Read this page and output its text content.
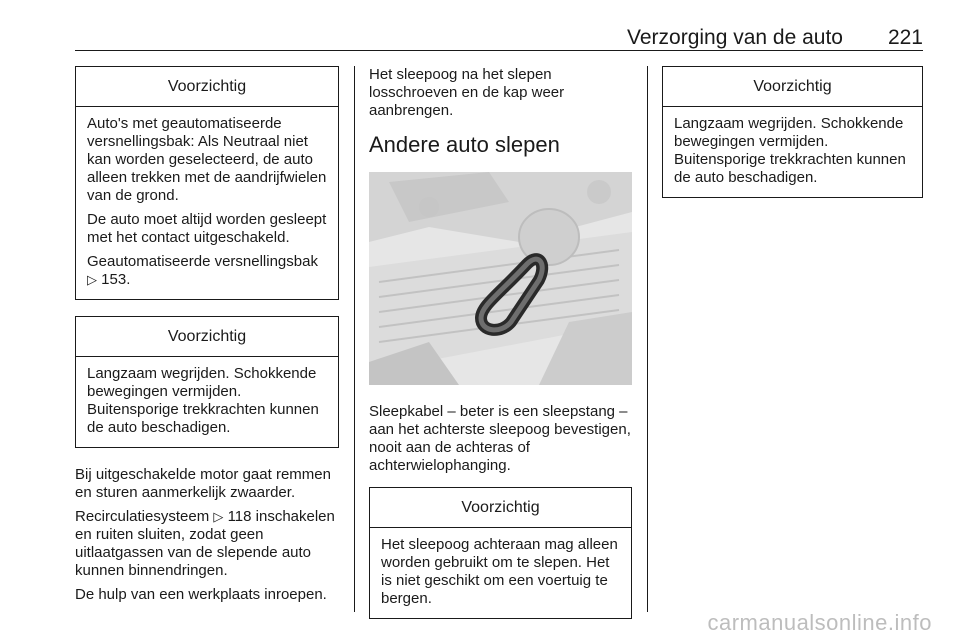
Verzorging van de auto 221
Voorzichtig

Auto's met geautomatiseerde versnellingsbak: Als Neutraal niet kan worden geselecteerd, de auto alleen trekken met de aandrijfwielen van de grond.

De auto moet altijd worden gesleept met het contact uitgeschakeld.

Geautomatiseerde versnellingsbak ▷ 153.

Voorzichtig

Langzaam wegrijden. Schokkende bewegingen vermijden. Buitensporige trekkrachten kunnen de auto beschadigen.

Bij uitgeschakelde motor gaat remmen en sturen aanmerkelijk zwaarder.

Recirculatiesysteem ▷ 118 inschakelen en ruiten sluiten, zodat geen uitlaatgassen van de slepende auto kunnen binnendringen.

De hulp van een werkplaats inroepen.

Het sleepoog na het slepen losschroeven en de kap weer aanbrengen.

Andere auto slepen

Sleepkabel – beter is een sleepstang – aan het achterste sleepoog bevestigen, nooit aan de achteras of achterwielophanging.

Voorzichtig

Het sleepoog achteraan mag alleen worden gebruikt om te slepen. Het is niet geschikt om een voertuig te bergen.

Voorzichtig

Langzaam wegrijden. Schokkende bewegingen vermijden. Buitensporige trekkrachten kunnen de auto beschadigen.

carmanualsonline.info
